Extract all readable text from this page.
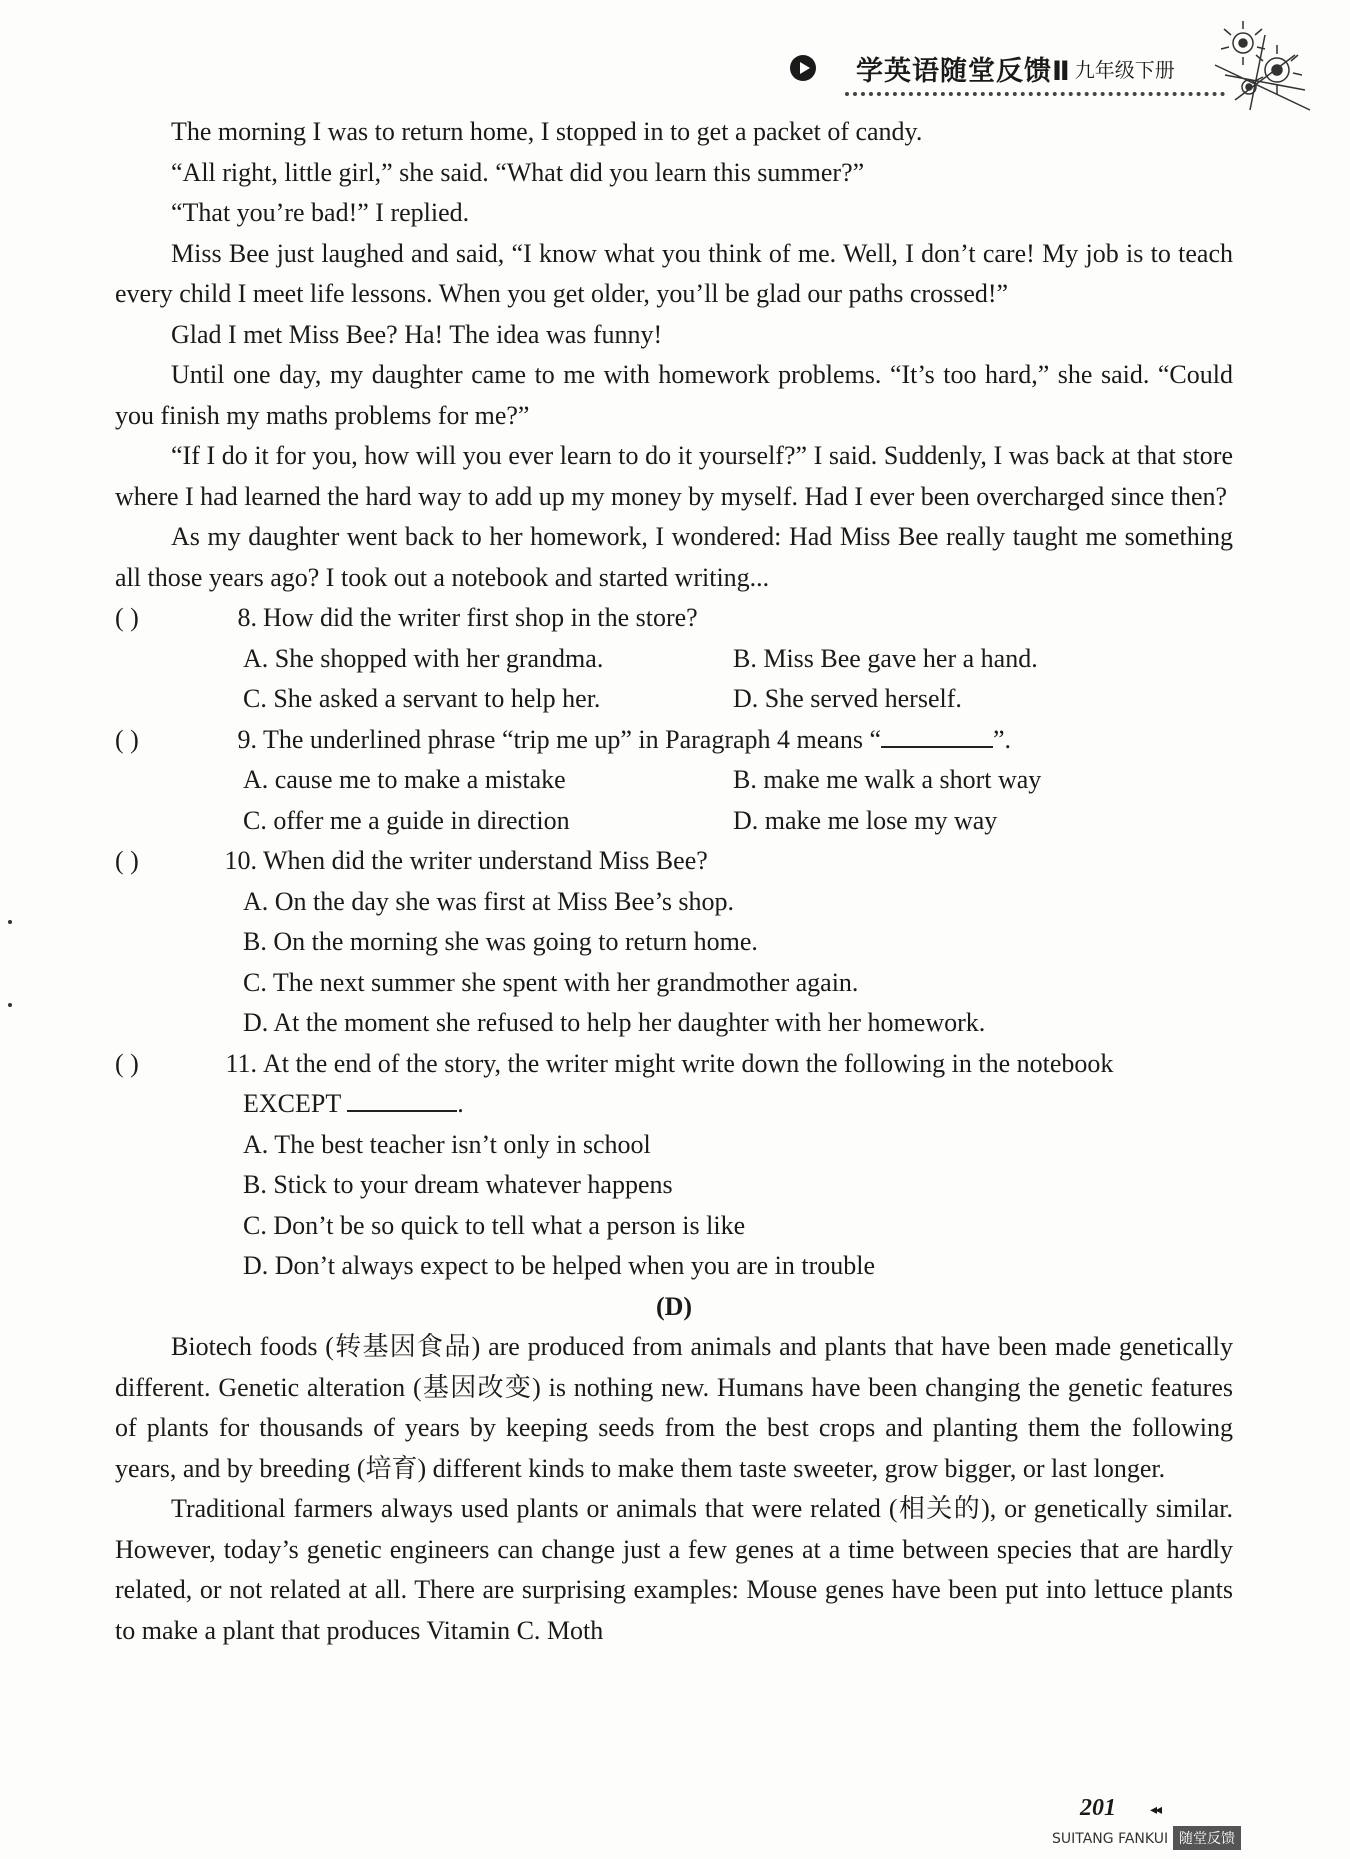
学英语随堂反馈Ⅱ 九年级下册

The morning I was to return home, I stopped in to get a packet of candy.

“All right, little girl,” she said. “What did you learn this summer?”

“That you’re bad!” I replied.

Miss Bee just laughed and said, “I know what you think of me. Well, I don’t care! My job is to teach every child I meet life lessons. When you get older, you’ll be glad our paths crossed!”

Glad I met Miss Bee? Ha! The idea was funny!

Until one day, my daughter came to me with homework problems. “It’s too hard,” she said. “Could you finish my maths problems for me?”

“If I do it for you, how will you ever learn to do it yourself?” I said. Suddenly, I was back at that store where I had learned the hard way to add up my money by myself. Had I ever been overcharged since then?

As my daughter went back to her homework, I wondered: Had Miss Bee really taught me something all those years ago? I took out a notebook and started writing...

( )	8. How did the writer first shop in the store?
A. She shopped with her grandma.	B. Miss Bee gave her a hand.
C. She asked a servant to help her.	D. She served herself.
( )	9. The underlined phrase “trip me up” in Paragraph 4 means “	”.
A. cause me to make a mistake	B. make me walk a short way
C. offer me a guide in direction	D. make me lose my way
( )	10. When did the writer understand Miss Bee?
A. On the day she was first at Miss Bee’s shop.
B. On the morning she was going to return home.
C. The next summer she spent with her grandmother again.
D. At the moment she refused to help her daughter with her homework.
( )	11. At the end of the story, the writer might write down the following in the notebook
EXCEPT	.
A. The best teacher isn’t only in school
B. Stick to your dream whatever happens
C. Don’t be so quick to tell what a person is like
D. Don’t always expect to be helped when you are in trouble
(D)

Biotech foods (转基因食品) are produced from animals and plants that have been made genetically different. Genetic alteration (基因改变) is nothing new. Humans have been changing the genetic features of plants for thousands of years by keeping seeds from the best crops and planting them the following years, and by breeding (培育) different kinds to make them taste sweeter, grow bigger, or last longer.

Traditional farmers always used plants or animals that were related (相关的), or genetically similar. However, today’s genetic engineers can change just a few genes at a time between species that are hardly related, or not related at all. There are surprising examples: Mouse genes have been put into lettuce plants to make a plant that produces Vitamin C. Moth

201 ◂◂
SUITANG FANKUI 随堂反馈
